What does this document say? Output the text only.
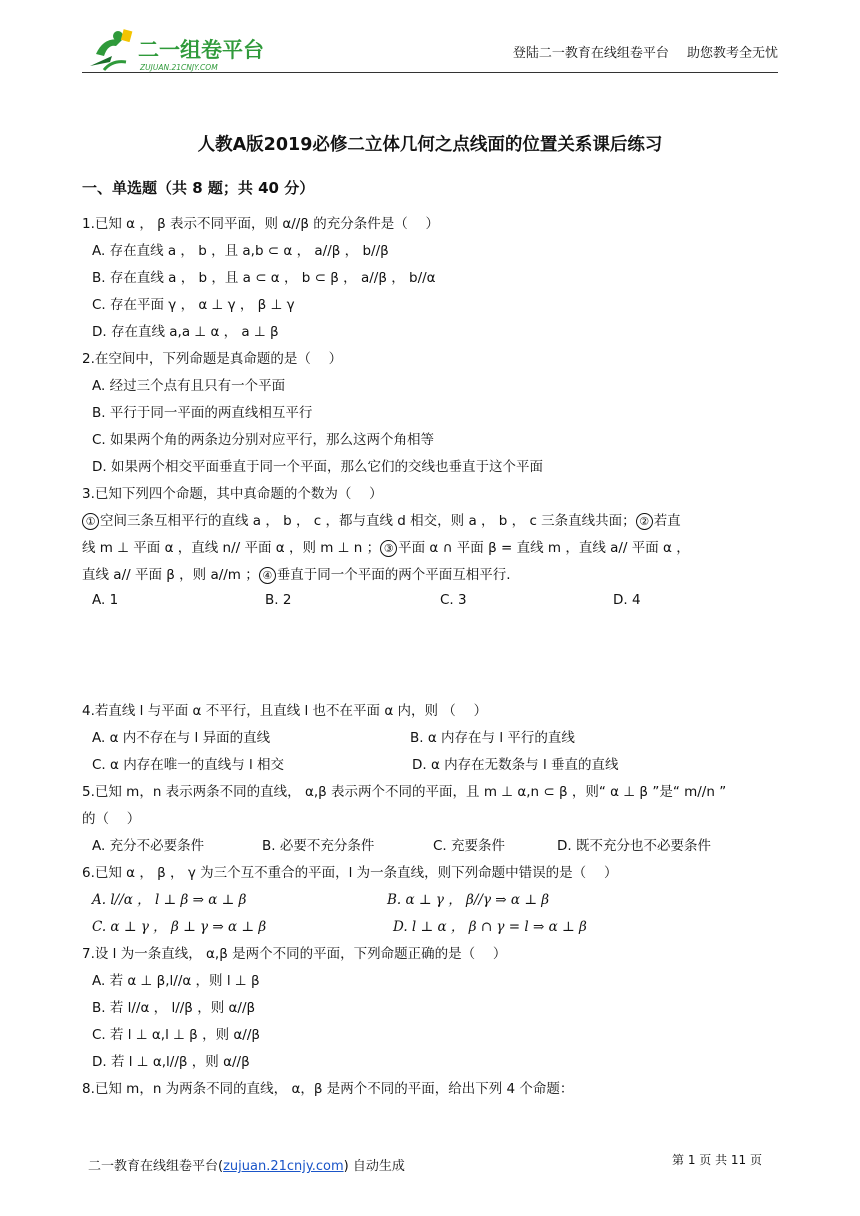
二一组卷平台
ZUJUAN.21CNJY.COM
登陆二一教育在线组卷平台 助您教考全无忧
人教A版2019必修二立体几何之点线面的位置关系课后练习
一、单选题（共 8 题；共 40 分）
1.已知 α ， β 表示不同平面，则 α//β 的充分条件是（　 ）
A. 存在直线 a ， b ，且 a,b ⊂ α ， a//β ， b//β
B. 存在直线 a ， b ，且 a ⊂ α ， b ⊂ β ， a//β ， b//α
C. 存在平面 γ ， α ⊥ γ ， β ⊥ γ
D. 存在直线 a,a ⊥ α ， a ⊥ β
2.在空间中，下列命题是真命题的是（　 ）
A. 经过三个点有且只有一个平面
B. 平行于同一平面的两直线相互平行
C. 如果两个角的两条边分别对应平行，那么这两个角相等
D. 如果两个相交平面垂直于同一个平面，那么它们的交线也垂直于这个平面
3.已知下列四个命题，其中真命题的个数为（　 ）
① 空间三条互相平行的直线 a ， b ， c ，都与直线 d 相交，则 a ， b ， c 三条直线共面； ② 若直
线 m ⊥ 平面 α ，直线 n// 平面 α ，则 m ⊥ n ； ③ 平面 α ∩ 平面 β = 直线 m ，直线 a// 平面 α ，
直线 a// 平面 β ，则 a//m ； ④ 垂直于同一个平面的两个平面互相平行.
A. 1	B. 2	C. 3	D. 4
4.若直线 l 与平面 α 不平行，且直线 l 也不在平面 α 内，则 （　 ）
A. α 内不存在与 l 异面的直线	B. α 内存在与 l 平行的直线
C. α 内存在唯一的直线与 l 相交	D. α 内存在无数条与 l 垂直的直线
5.已知 m，n 表示两条不同的直线， α,β 表示两个不同的平面，且 m ⊥ α,n ⊂ β ，则“ α ⊥ β ”是“ m//n ”
的（　 ）
A. 充分不必要条件	B. 必要不充分条件	C. 充要条件	D. 既不充分也不必要条件
6.已知 α ， β ， γ 为三个互不重合的平面，l 为一条直线，则下列命题中错误的是（　 ）
A. l//α ， l ⊥ β ⇒ α ⊥ β	B. α ⊥ γ ， β//γ ⇒ α ⊥ β
C. α ⊥ γ ， β ⊥ γ ⇒ α ⊥ β	D. l ⊥ α ， β ∩ γ = l ⇒ α ⊥ β
7.设 l 为一条直线， α,β 是两个不同的平面，下列命题正确的是（　 ）
A. 若 α ⊥ β,l//α ，则 l ⊥ β
B. 若 l//α ， l//β ，则 α//β
C. 若 l ⊥ α,l ⊥ β ，则 α//β
D. 若 l ⊥ α,l//β ，则 α//β
8.已知 m，n 为两条不同的直线， α，β 是两个不同的平面，给出下列 4 个命题：
二一教育在线组卷平台(zujuan.21cnjy.com) 自动生成	第 1 页 共 11 页
